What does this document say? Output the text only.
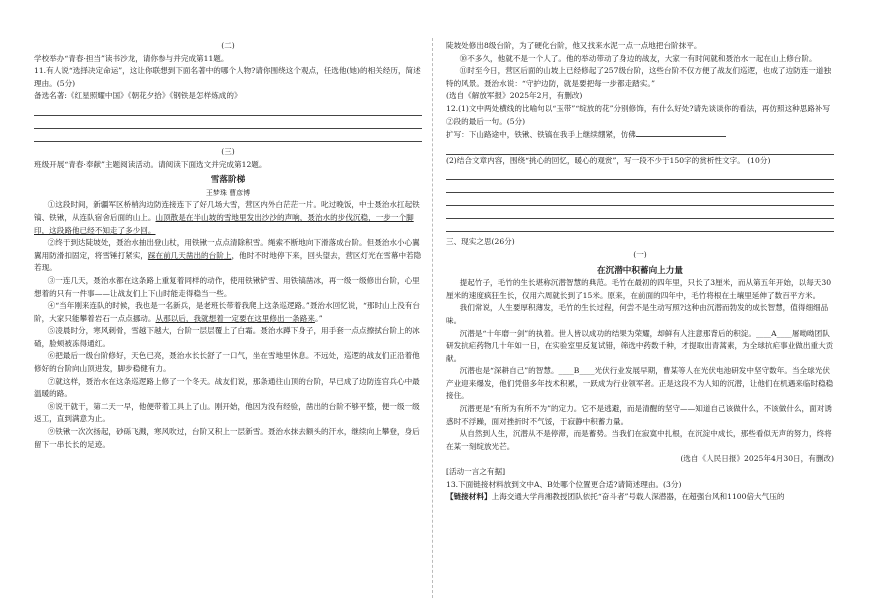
(二)

学校举办“青春·担当”读书沙龙，请你参与并完成第11题。

11.有人说“选择决定命运”，这让你联想到下面名著中的哪个人物?请你围绕这个观点，任选他(她)的相关经历，简述理由。(5分)

备选名著:《红星照耀中国》《朝花夕拾》《钢铁是怎样炼成的》

(三)

班级开展“青春·奉献”主题阅读活动。请阅读下面选文并完成第12题。

雪落阶梯

王梦珠 曹彦博

①这段时间，新疆军区桥梢沟边防连接连下了好几场大雪，营区内外白茫茫一片。叱过晚饭，中士聂治水扛起铁镐、铁锹，从连队宿舍后面的山上。山顶散是在半山坡的雪地里发出沙沙的声响，聂治水的步伐沉稳，一步一个脚印，这段路他已经不知走了多少回。

②终于到达陡坡处，聂治水抽出登山杖，用铁锹一点点清除积雪。绳索不断地向下滑落成台阶。但聂治水小心翼翼用防滑扣固定，将雪锤打紧实，踩在前几天凿出的台阶上，他时不时地停下来，回头望去，营区灯光在雪幕中若隐若现。

③一连几天，聂治水都在这条路上重复着同样的动作，使用铁锹铲雪、用铁镐凿冰，再一级一级修出台阶，心里想着的只有一件事——让战友们上下山时能走得稳当一些。

④“当年刚来连队的时候，我也是一名新兵，是老班长带着我爬上这条巡逻路。”聂治水回忆说，“那时山上没有台阶，大家只能攀着岩石一点点挪动。从那以后，我就想着一定要在这里修出一条路来。”

⑤凌晨时分，寒风刺骨，雪越下越大，台阶一层层覆上了白霜。聂治水蹲下身子，用手套一点点擦拭台阶上的冰碴，脸颊被冻得通红。

⑥把最后一级台阶修好，天色已亮，聂治水长长舒了一口气，坐在雪地里休息。不远处，巡逻的战友们正沿着他修好的台阶向山顶进发，脚步稳健有力。

⑦就这样，聂治水在这条巡逻路上修了一个冬天。战友们说，那条通往山顶的台阶，早已成了边防连官兵心中最温暖的路。

⑧说干就干，第二天一早，他便带着工具上了山。刚开始，他因为没有经验，凿出的台阶不够平整，便一级一级返工，直到满意为止。

⑨铁锹一次次扬起，砂砾飞溅，寒风吹过，台阶又积上一层新雪。聂治水抹去额头的汗水，继续向上攀登，身后留下一串长长的足迹。

陡坡处修出8级台阶，为了硬化台阶，他又找来水泥一点一点地把台阶抹平。

⑩不多久，他就不是一个人了。他的举动带动了身边的战友，大家一有时间就和聂治水一起在山上修台阶。

⑪时至今日，营区后面的山坡上已经修起了257级台阶，这些台阶不仅方便了战友们巡逻，也成了边防连一道独特的风景。聂治水说：“守护边防，就是要把每一步都走踏实。”

(选自《解放军报》2025年2月，有删改)

12.(1)文中两处横线的比喻句以“玉带”“绽放的花”分别修饰，有什么好处?请先谈谈你的看法，再仿照这种思路补写②段的最后一句。(5分)

扩写：下山路途中，铁锹、铁镐在我手上继续绷紧，仿佛

(2)结合文章内容，围绕“挑心的回忆，暖心的观赏”，写一段不少于150字的赏析性文字。 (10分)

三、现实之思(26分)

(一)

在沉潜中积蓄向上力量

提起竹子，毛竹的生长堪称沉潜智慧的典范。毛竹在最初的四年里，只长了3厘米，而从第五年开始，以每天30厘米的速度疯狂生长，仅用六周就长到了15米。原来，在前面的四年中，毛竹将根在土壤里延伸了数百平方米。

我们常说，人生要厚积薄发，毛竹的生长过程，何尝不是生动写照?这种由沉潜而勃发的成长智慧，值得细细品味。

沉潜是“十年磨一剑”的执着。世人皆以成功的结果为荣耀，却鲜有人注意那背后的积淀。____A____屠呦呦团队研发抗疟药物几十年如一日，在实验室里反复试错，筛选中药数千种，才提取出青蒿素，为全球抗疟事业做出重大贡献。

沉潜也是“深耕自己”的智慧。____B____光伏行业发展早期，曹某等人在光伏电池研发中坚守数年。当全球光伏产业迎来爆发，他们凭借多年技术积累，一跃成为行业领军者。正是这段不为人知的沉潜，让他们在机遇来临时稳稳接住。

沉潜更是“有所为有所不为”的定力。它不是逃避，而是清醒的坚守——知道自己该做什么，不该做什么，面对诱惑时不浮躁，面对挫折时不气馁，于寂静中积蓄力量。

从自然到人生，沉潜从不是停滞，而是蓄势。当我们在寂寞中扎根，在沉淀中成长，那些看似无声的努力，终将在某一刻绽放光芒。

(选自《人民日报》2025年4月30日，有删改)

[活动一言之有据]

13.下面链接材料放到文中A、B处哪个位置更合适?请简述理由。(3分)

【链接材料】上海交通大学肖湘教授团队依托“奋斗者”号载人深潜器，在超强台风和1100倍大气压的
